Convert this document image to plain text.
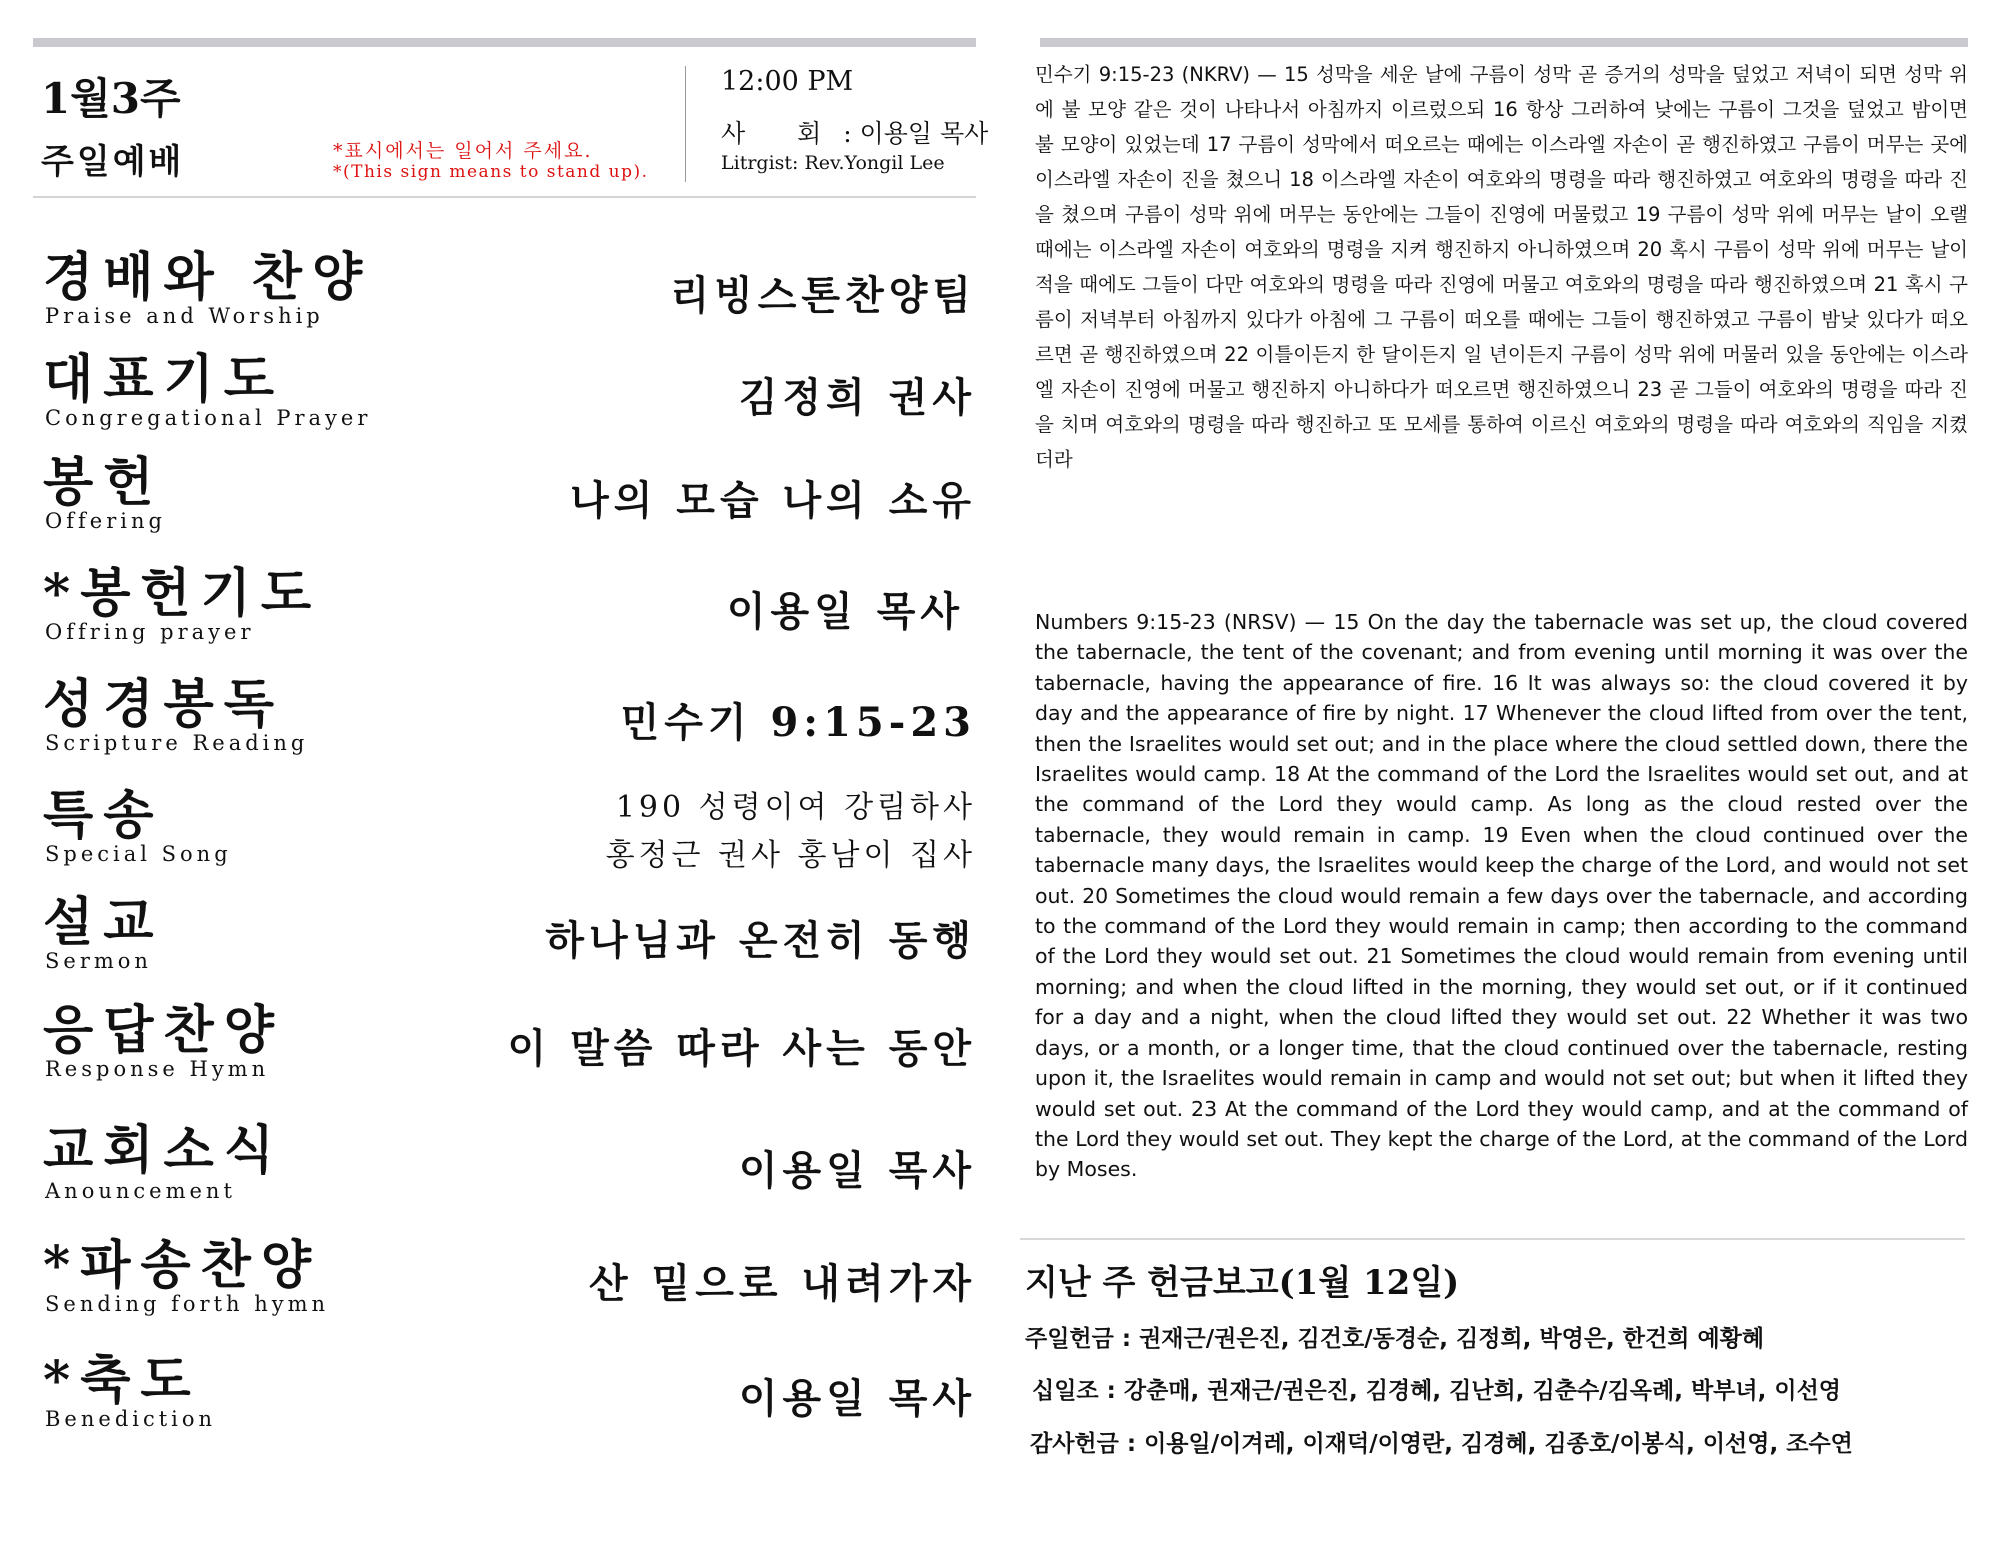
1월3주
주일예배	*표시에서는 일어서 주세요.
*(This sign means to stand up).
12:00 PM
사 회: 이용일 목사
Litrgist: Rev.Yongil Lee
경배와 찬양
Praise and Worship	리빙스톤찬양팀
대표기도
Congregational Prayer	김정희 권사
봉헌
Offering	나의 모습 나의 소유
*봉헌기도
Offring prayer	이용일 목사
성경봉독
Scripture Reading	민수기 9:15-23
특송
Special Song
190 성령이여 강림하사
홍정근 권사 홍남이 집사
설교
Sermon	하나님과 온전히 동행
응답찬양
Response Hymn	이 말씀 따라 사는 동안
교회소식
Anouncement	이용일 목사
*파송찬양
Sending forth hymn	산 밑으로 내려가자
*축도
Benediction	이용일 목사

민수기 9:15-23 (NKRV) — 15 성막을 세운 날에 구름이 성막 곧 증거의 성막을 덮었고 저녁이 되면 성막 위에 불 모양 같은 것이 나타나서 아침까지 이르렀으되 16 항상 그러하여 낮에는 구름이 그것을 덮었고 밤이면 불 모양이 있었는데 17 구름이 성막에서 떠오르는 때에는 이스라엘 자손이 곧 행진하였고 구름이 머무는 곳에 이스라엘 자손이 진을 쳤으니 18 이스라엘 자손이 여호와의 명령을 따라 행진하였고 여호와의 명령을 따라 진을 쳤으며 구름이 성막 위에 머무는 동안에는 그들이 진영에 머물렀고 19 구름이 성막 위에 머무는 날이 오랠 때에는 이스라엘 자손이 여호와의 명령을 지켜 행진하지 아니하였으며 20 혹시 구름이 성막 위에 머무는 날이 적을 때에도 그들이 다만 여호와의 명령을 따라 진영에 머물고 여호와의 명령을 따라 행진하였으며 21 혹시 구름이 저녁부터 아침까지 있다가 아침에 그 구름이 떠오를 때에는 그들이 행진하였고 구름이 밤낮 있다가 떠오르면 곧 행진하였으며 22 이틀이든지 한 달이든지 일 년이든지 구름이 성막 위에 머물러 있을 동안에는 이스라엘 자손이 진영에 머물고 행진하지 아니하다가 떠오르면 행진하였으니 23 곧 그들이 여호와의 명령을 따라 진을 치며 여호와의 명령을 따라 행진하고 또 모세를 통하여 이르신 여호와의 명령을 따라 여호와의 직임을 지켰더라

Numbers 9:15-23 (NRSV) — 15 On the day the tabernacle was set up, the cloud covered the tabernacle, the tent of the covenant; and from evening until morning it was over the tabernacle, having the appearance of fire. 16 It was always so: the cloud covered it by day and the appearance of fire by night. 17 Whenever the cloud lifted from over the tent, then the Israelites would set out; and in the place where the cloud settled down, there the Israelites would camp. 18 At the command of the Lord the Israelites would set out, and at the command of the Lord they would camp. As long as the cloud rested over the tabernacle, they would remain in camp. 19 Even when the cloud continued over the tabernacle many days, the Israelites would keep the charge of the Lord, and would not set out. 20 Sometimes the cloud would remain a few days over the tabernacle, and according to the command of the Lord they would remain in camp; then according to the command of the Lord they would set out. 21 Sometimes the cloud would remain from evening until morning; and when the cloud lifted in the morning, they would set out, or if it continued for a day and a night, when the cloud lifted they would set out. 22 Whether it was two days, or a month, or a longer time, that the cloud continued over the tabernacle, resting upon it, the Israelites would remain in camp and would not set out; but when it lifted they would set out. 23 At the command of the Lord they would camp, and at the command of the Lord they would set out. They kept the charge of the Lord, at the command of the Lord by Moses.

지난 주 헌금보고(1월 12일)
주일헌금 : 권재근/권은진, 김건호/동경순, 김정희, 박영은, 한건희 예황혜
십일조 : 강춘매, 권재근/권은진, 김경혜, 김난희, 김춘수/김옥례, 박부녀, 이선영
감사헌금 : 이용일/이겨레, 이재덕/이영란, 김경혜, 김종호/이봉식, 이선영, 조수연
